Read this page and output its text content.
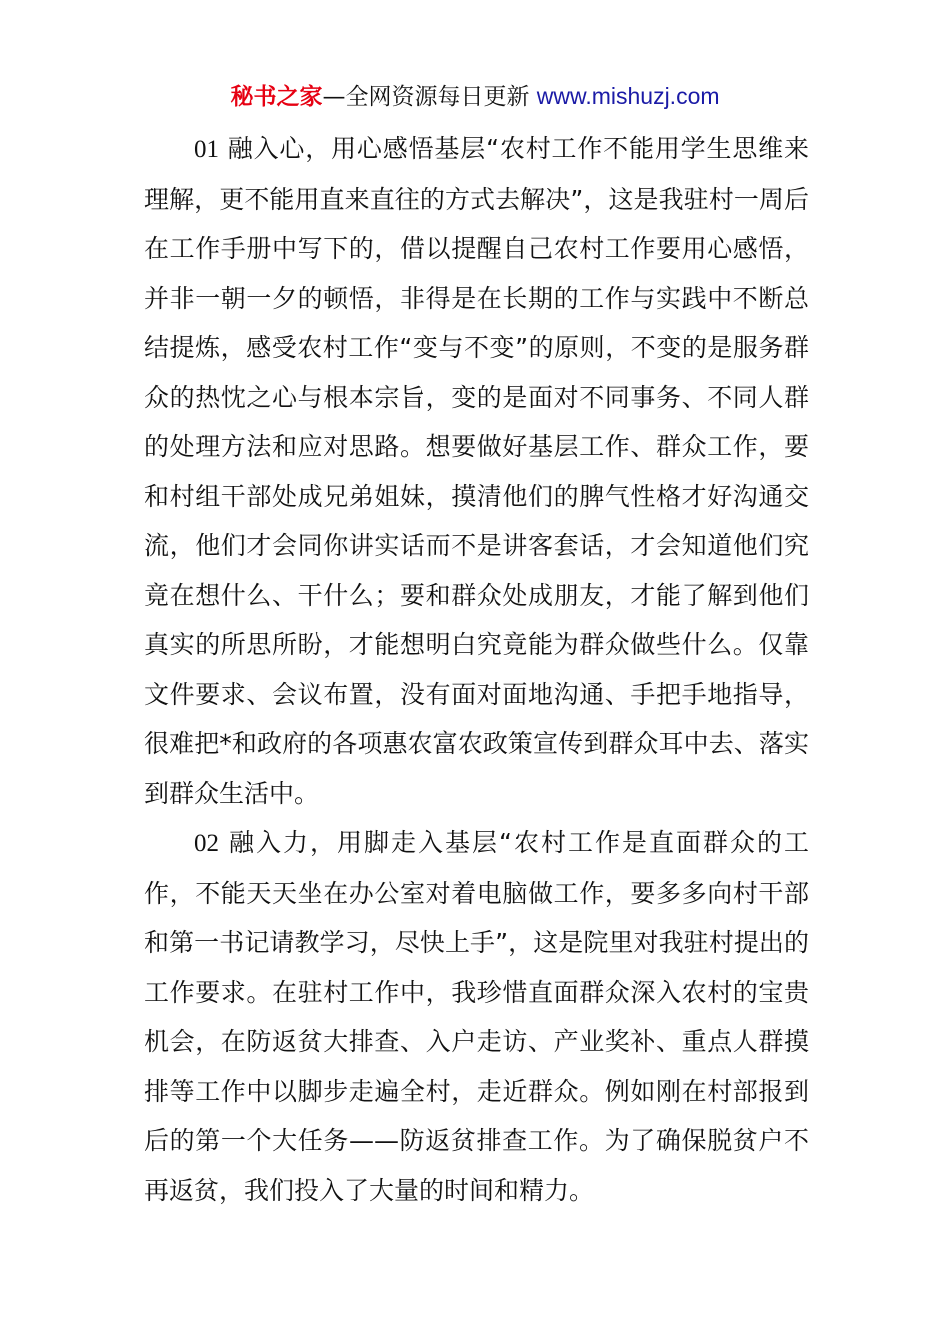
秘书之家—全网资源每日更新 www.mishuzj.com

01 融入心，用心感悟基层“农村工作不能用学生思维来理解，更不能用直来直往的方式去解决”，这是我驻村一周后在工作手册中写下的，借以提醒自己农村工作要用心感悟，并非一朝一夕的顿悟，非得是在长期的工作与实践中不断总结提炼，感受农村工作“变与不变”的原则，不变的是服务群众的热忱之心与根本宗旨，变的是面对不同事务、不同人群的处理方法和应对思路。想要做好基层工作、群众工作，要和村组干部处成兄弟姐妹，摸清他们的脾气性格才好沟通交流，他们才会同你讲实话而不是讲客套话，才会知道他们究竟在想什么、干什么；要和群众处成朋友，才能了解到他们真实的所思所盼，才能想明白究竟能为群众做些什么。仅靠文件要求、会议布置，没有面对面地沟通、手把手地指导，很难把*和政府的各项惠农富农政策宣传到群众耳中去、落实到群众生活中。

02 融入力，用脚走入基层“农村工作是直面群众的工作，不能天天坐在办公室对着电脑做工作，要多多向村干部和第一书记请教学习，尽快上手”，这是院里对我驻村提出的工作要求。在驻村工作中，我珍惜直面群众深入农村的宝贵机会，在防返贫大排查、入户走访、产业奖补、重点人群摸排等工作中以脚步走遍全村，走近群众。例如刚在村部报到后的第一个大任务——防返贫排查工作。为了确保脱贫户不再返贫，我们投入了大量的时间和精力。
